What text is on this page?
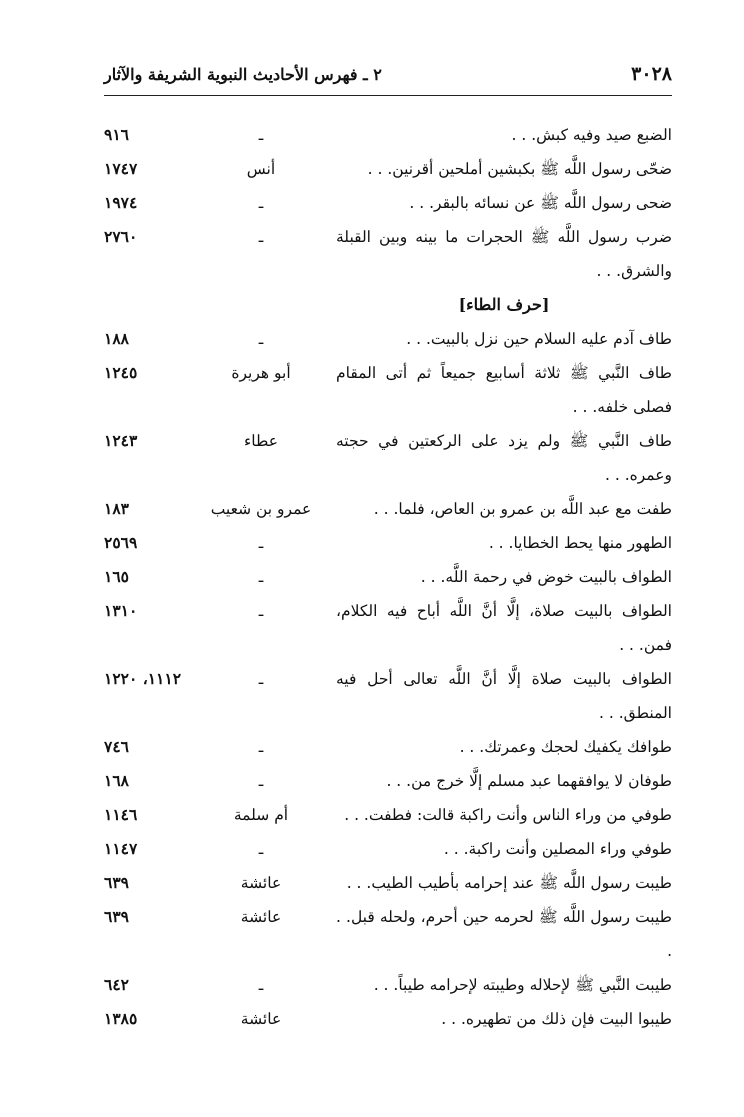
٣٠٢٨
٢ ـ فهرس الأحاديث النبوية الشريفة والآثار
الضبع صيد وفيه كبش. . .
ـ
٩١٦
ضحّى رسول اللَّه ﷺ بكبشين أملحين أقرنين. . .
أنس
١٧٤٧
ضحى رسول اللَّه ﷺ عن نسائه بالبقر. . .
ـ
١٩٧٤
ضرب رسول اللَّه ﷺ الحجرات ما بينه وبين القبلة والشرق. . .
ـ
٢٧٦٠
[حرف الطاء]
طاف آدم عليه السلام حين نزل بالبيت. . .
ـ
١٨٨
طاف النَّبي ﷺ ثلاثة أسابيع جميعاً ثم أتى المقام فصلى خلفه. . .
أبو هريرة
١٢٤٥
طاف النَّبي ﷺ ولم يزد على الركعتين في حجته وعمره. . .
عطاء
١٢٤٣
طفت مع عبد اللَّه بن عمرو بن العاص، فلما. . .
عمرو بن شعيب
١٨٣
الطهور منها يحط الخطايا. . .
ـ
٢٥٦٩
الطواف بالبيت خوض في رحمة اللَّه. . .
ـ
١٦٥
الطواف بالبيت صلاة، إلَّا أنَّ اللَّه أباح فيه الكلام، فمن. . .
ـ
١٣١٠
الطواف بالبيت صلاة إلَّا أنَّ اللَّه تعالى أحل فيه المنطق. . .
ـ
١١١٢، ١٢٢٠
طوافك يكفيك لحجك وعمرتك. . .
ـ
٧٤٦
طوفان لا يوافقهما عبد مسلم إلَّا خرج من. . .
ـ
١٦٨
طوفي من وراء الناس وأنت راكبة قالت: فطفت. . .
أم سلمة
١١٤٦
طوفي وراء المصلين وأنت راكبة. . .
ـ
١١٤٧
طيبت رسول اللَّه ﷺ عند إحرامه بأطيب الطيب. . .
عائشة
٦٣٩
طيبت رسول اللَّه ﷺ لحرمه حين أحرم، ولحله قبل. . .
عائشة
٦٣٩
طيبت النَّبي ﷺ لإحلاله وطيبته لإحرامه طيباً. . .
ـ
٦٤٢
طيبوا البيت فإن ذلك من تطهيره. . .
عائشة
١٣٨٥
